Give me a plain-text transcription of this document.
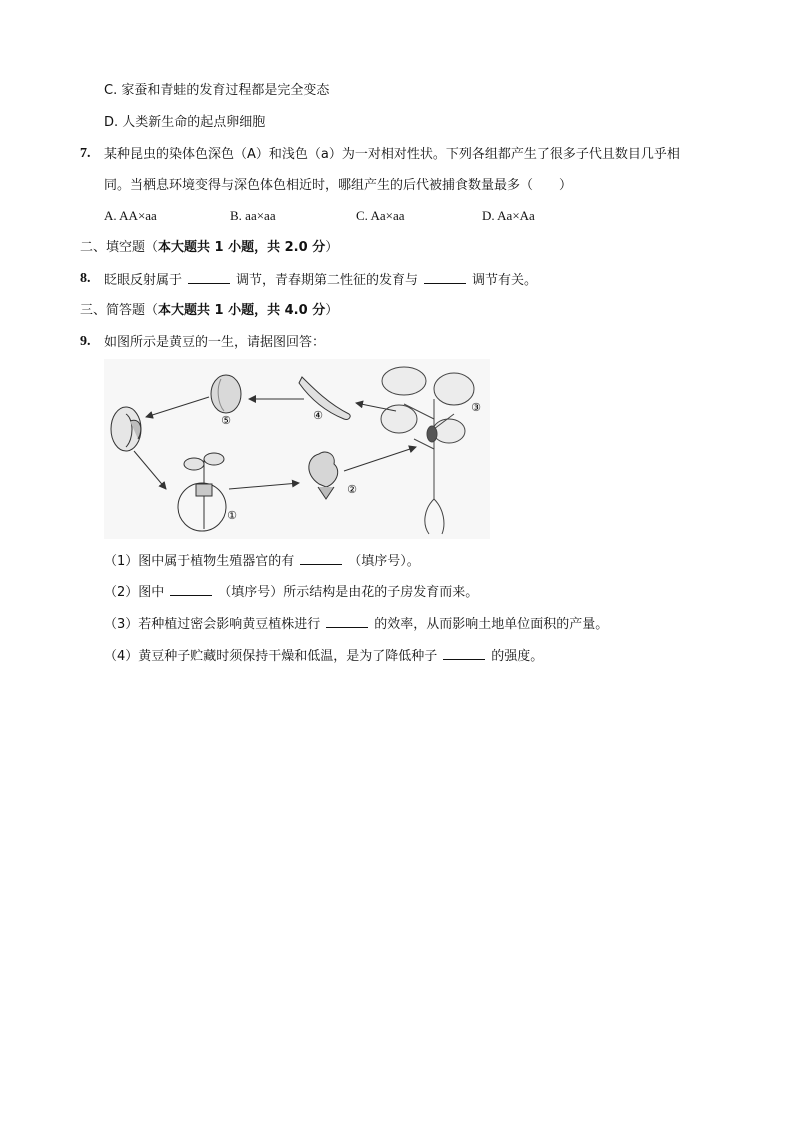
C. 家蚕和青蛙的发育过程都是完全变态
D. 人类新生命的起点卵细胞
7. 某种昆虫的染体色深色（A）和浅色（a）为一对相对性状。下列各组都产生了很多子代且数目几乎相
同。当栖息环境变得与深色体色相近时，哪组产生的后代被捕食数量最多（　　）
A. AA×aa	B. aa×aa	C. Aa×aa	D. Aa×Aa
二、填空题（本大题共 1 小题，共 2.0 分）
8. 眨眼反射属于	调节，青春期第二性征的发育与	调节有关。
三、简答题（本大题共 1 小题，共 4.0 分）
9. 如图所示是黄豆的一生，请据图回答：
⑤	④
③
②
①
（1）图中属于植物生殖器官的有	（填序号）。
（2）图中	（填序号）所示结构是由花的子房发育而来。
（3）若种植过密会影响黄豆植株进行	的效率，从而影响土地单位面积的产量。
（4）黄豆种子贮藏时须保持干燥和低温，是为了降低种子	的强度。
